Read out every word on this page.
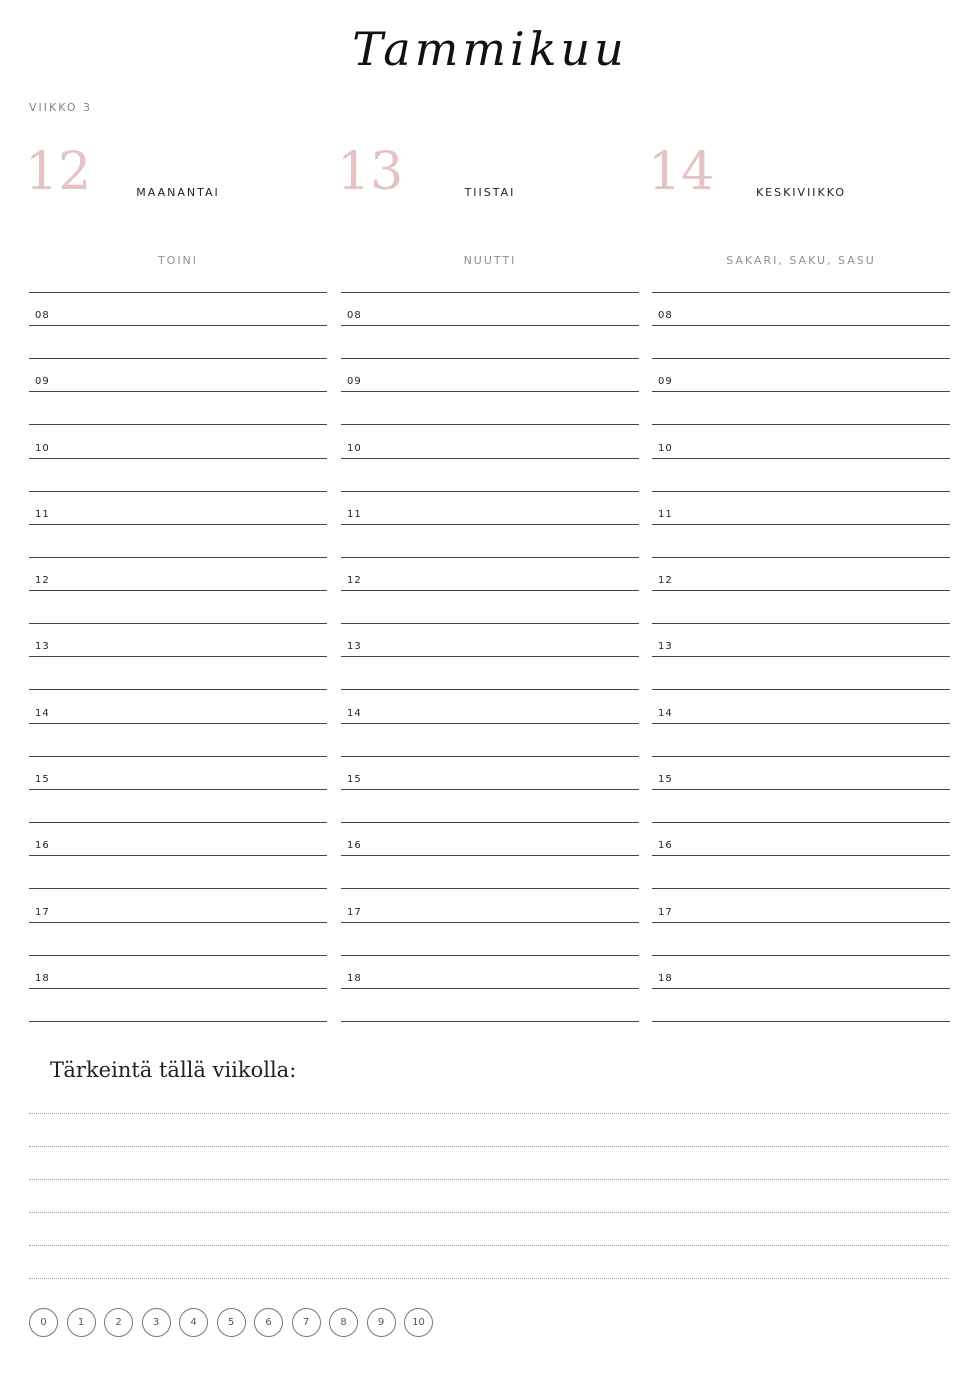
Tammikuu
VIIKKO 3
12	MAANANTAI
TOINI
08
09
10
11
12
13
14
15
16
17
18
13	TIISTAI
NUUTTI
08
09
10
11
12
13
14
15
16
17
18
14	KESKIVIIKKO
SAKARI, SAKU, SASU
08
09
10
11
12
13
14
15
16
17
18
Tärkeintä tällä viikolla:
0	1	2	3	4	5	6	7	8	9	10
